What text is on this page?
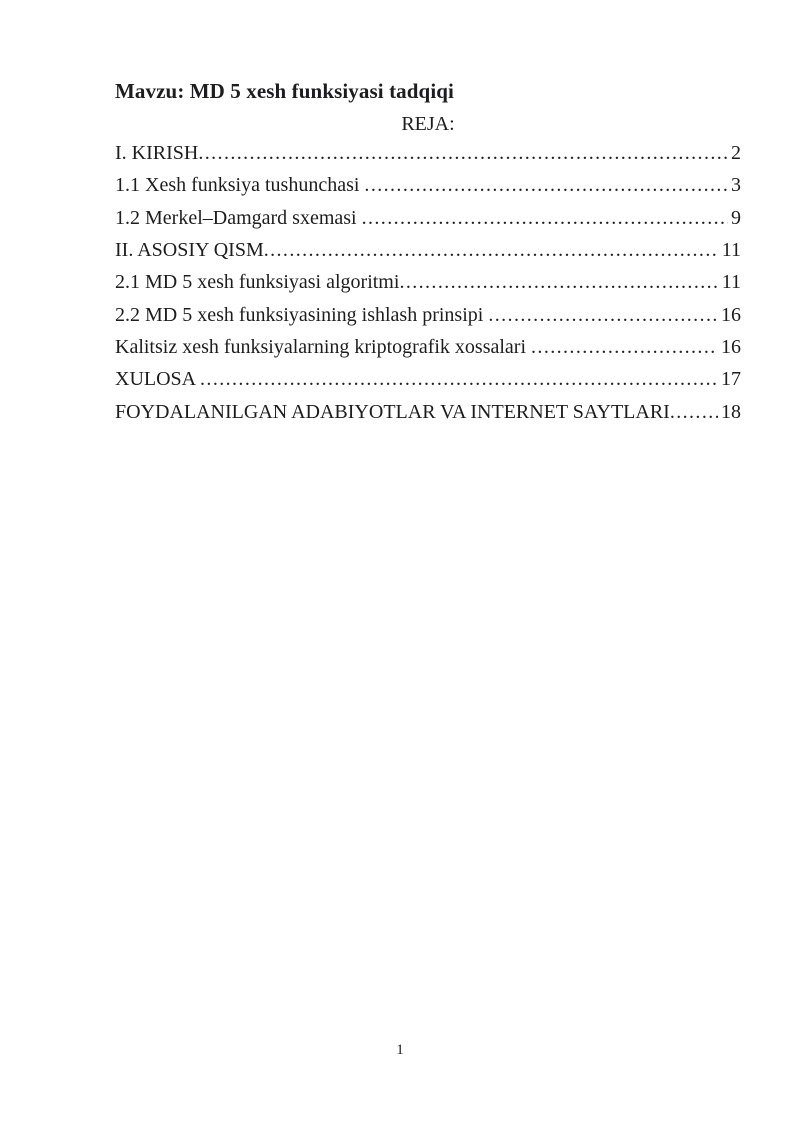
Mavzu: MD 5 xesh funksiyasi tadqiqi
REJA:
I. KIRISH .....	2
1.1 Xesh funksiya tushunchasi .....	3
1.2 Merkel–Damgard sxemasi .....	9
II. ASOSIY QISM .....	11
2.1 MD 5 xesh funksiyasi algoritmi .....	11
2.2 MD 5 xesh funksiyasining ishlash prinsipi .....	16
Kalitsiz xesh funksiyalarning kriptografik xossalari .....	16
XULOSA .....	17
FOYDALANILGAN ADABIYOTLAR VA INTERNET SAYTLARI .....	18
1
